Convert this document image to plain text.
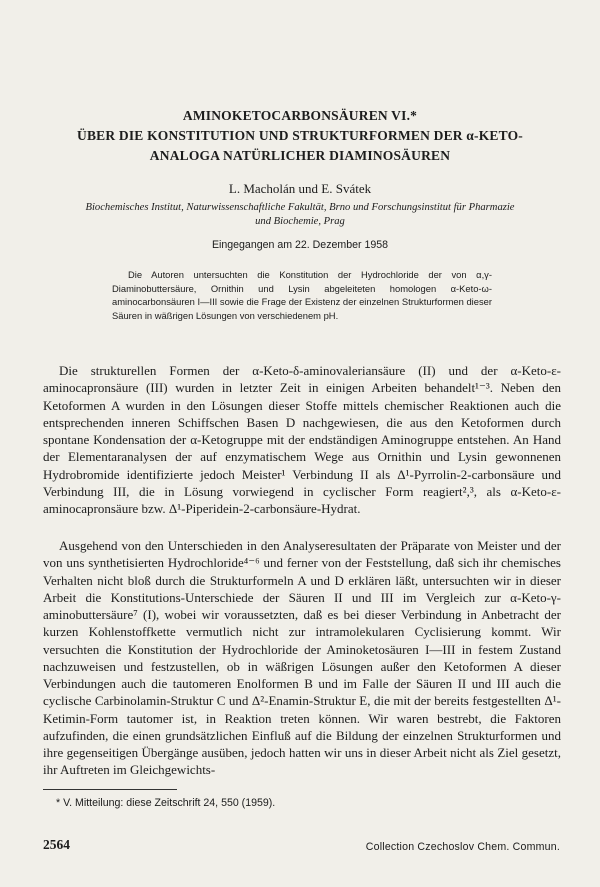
AMINOKETOCARBONSÄUREN VI.*
ÜBER DIE KONSTITUTION UND STRUKTURFORMEN DER α-KETO-
ANALOGA NATÜRLICHER DIAMINOSÄUREN
L. Macholán und E. Svátek
Biochemisches Institut, Naturwissenschaftliche Fakultät, Brno und Forschungsinstitut für Pharmazie
und Biochemie, Prag
Eingegangen am 22. Dezember 1958

Die Autoren untersuchten die Konstitution der Hydrochloride der von α,γ-Diaminobuttersäure, Ornithin und Lysin abgeleiteten homologen α-Keto-ω-aminocarbonsäuren I—III sowie die Frage der Existenz der einzelnen Strukturformen dieser Säuren in wäßrigen Lösungen von verschiedenem pH.

Die strukturellen Formen der α-Keto-δ-aminovaleriansäure (II) und der α-Keto-ε-aminocapronsäure (III) wurden in letzter Zeit in einigen Arbeiten behandelt¹⁻³. Neben den Ketoformen A wurden in den Lösungen dieser Stoffe mittels chemischer Reaktionen auch die entsprechenden inneren Schiffschen Basen D nachgewiesen, die aus den Ketoformen durch spontane Kondensation der α-Ketogruppe mit der endständigen Aminogruppe entstehen. An Hand der Elementaranalysen der auf enzymatischem Wege aus Ornithin und Lysin gewonnenen Hydrobromide identifizierte jedoch Meister¹ Verbindung II als Δ¹-Pyrrolin-2-carbonsäure und Verbindung III, die in Lösung vorwiegend in cyclischer Form reagiert²,³, als α-Keto-ε-aminocapronsäure bzw. Δ¹-Piperidein-2-carbonsäure-Hydrat.

Ausgehend von den Unterschieden in den Analyseresultaten der Präparate von Meister und der von uns synthetisierten Hydrochloride⁴⁻⁶ und ferner von der Feststellung, daß sich ihr chemisches Verhalten nicht bloß durch die Strukturformeln A und D erklären läßt, untersuchten wir in dieser Arbeit die Konstitutions-Unterschiede der Säuren II und III im Vergleich zur α-Keto-γ-aminobuttersäure⁷ (I), wobei wir voraussetzten, daß es bei dieser Verbindung in Anbetracht der kurzen Kohlenstoffkette vermutlich nicht zur intramolekularen Cyclisierung kommt. Wir versuchten die Konstitution der Hydrochloride der Aminoketosäuren I—III in festem Zustand nachzuweisen und festzustellen, ob in wäßrigen Lösungen außer den Ketoformen A dieser Verbindungen auch die tautomeren Enolformen B und im Falle der Säuren II und III auch die cyclische Carbinolamin-Struktur C und Δ²-Enamin-Struktur E, die mit der bereits festgestellten Δ¹-Ketimin-Form tautomer ist, in Reaktion treten können. Wir waren bestrebt, die Faktoren aufzufinden, die einen grundsätzlichen Einfluß auf die Bildung der einzelnen Strukturformen und ihre gegenseitigen Übergänge ausüben, jedoch hatten wir uns in dieser Arbeit nicht als Ziel gesetzt, ihr Auftreten im Gleichgewichts-

* V. Mitteilung: diese Zeitschrift 24, 550 (1959).
2564	Collection Czechoslov Chem. Commun.
